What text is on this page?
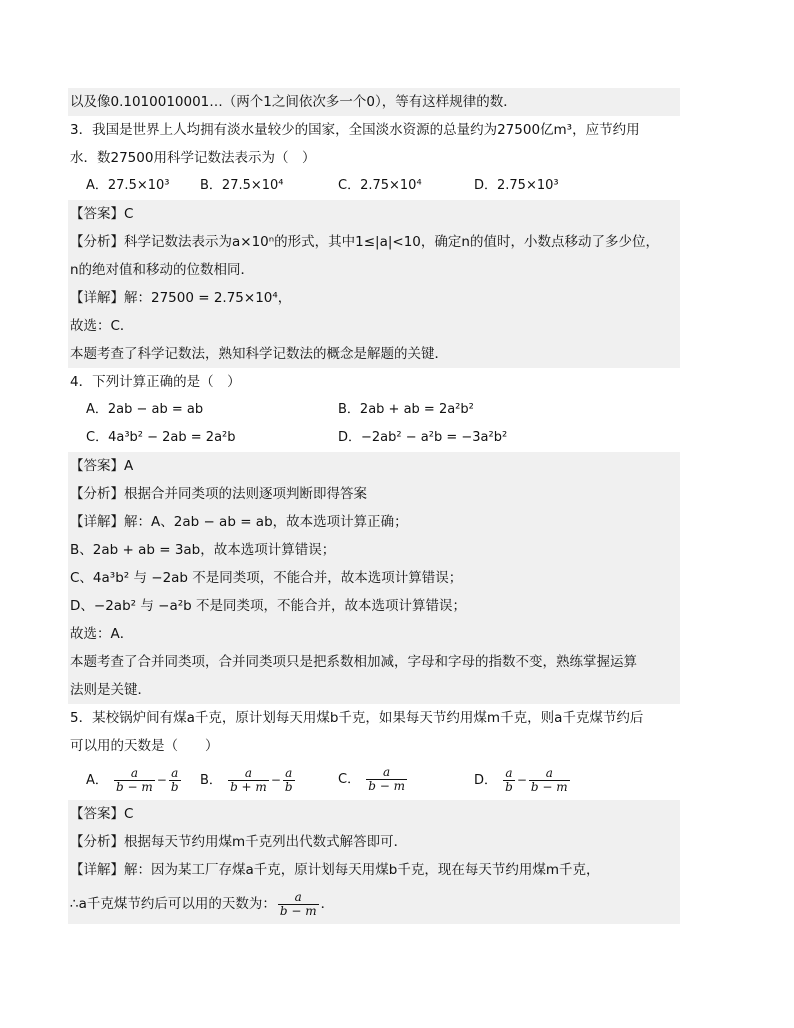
以及像0.1010010001…（两个1之间依次多一个0），等有这样规律的数．
3．我国是世界上人均拥有淡水量较少的国家，全国淡水资源的总量约为27500亿m³，应节约用
水．数27500用科学记数法表示为（　）
A．27.5×10³	B．27.5×10⁴	C．2.75×10⁴	D．2.75×10³
【答案】C
【分析】科学记数法表示为a×10ⁿ的形式，其中1≤|a|<10，确定n的值时，小数点移动了多少位，
n的绝对值和移动的位数相同．
【详解】解：27500 = 2.75×10⁴，
故选：C．
本题考查了科学记数法，熟知科学记数法的概念是解题的关键．
4．下列计算正确的是（　）
A．2ab − ab = ab	B．2ab + ab = 2a²b²
C．4a³b² − 2ab = 2a²b	D．−2ab² − a²b = −3a²b²
【答案】A
【分析】根据合并同类项的法则逐项判断即得答案
【详解】解：A、2ab − ab = ab，故本选项计算正确；
B、2ab + ab = 3ab，故本选项计算错误；
C、4a³b² 与 −2ab 不是同类项，不能合并，故本选项计算错误；
D、−2ab² 与 −a²b 不是同类项，不能合并，故本选项计算错误；
故选：A．
本题考查了合并同类项，合并同类项只是把系数相加减，字母和字母的指数不变，熟练掌握运算
法则是关键．
5．某校锅炉间有煤a千克，原计划每天用煤b千克，如果每天节约用煤m千克，则a千克煤节约后
可以用的天数是（　　）
A． $\frac{a}{b - m} - \frac{a}{b}$ B． $\frac{a}{b + m} - \frac{a}{b}$	C． $\frac{a}{b - m}$	D． $\frac{a}{b} - \frac{a}{b - m}$
【答案】C
【分析】根据每天节约用煤m千克列出代数式解答即可．
【详解】解：因为某工厂存煤a千克，原计划每天用煤b千克，现在每天节约用煤m千克，
∴a千克煤节约后可以用的天数为： $\frac{a}{b - m}$ ．
